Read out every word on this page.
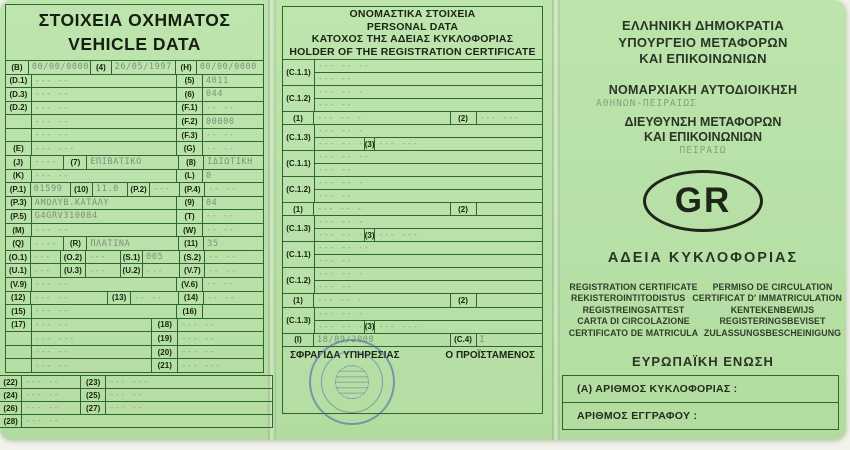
ΣΤΟΙΧΕΙΑ ΟΧΗΜΑΤΟΣ
VEHICLE DATA
(B)	00/00/0000 (4)	26/05/1997	(H) 00/00/0000
(D.1) --- --	(5)	4011
(D.3) --- --	(6)	044
(D.2) --- --	(F.1) -- --
--- --	(F.2) 00000
--- --	(F.3) -- --
(E)	--- ---	(G)	-- --
(J)	----	(7)	ΕΠΙΒΑΤΙΚΟ	(8)	ΙΔΙΩΤΙΚΗ
(K)	--- --	(L)	0
(P.1) 01599	(10) 11.0	(P.2) ---	(P.4) -- --
(P.3) ΑΜΟΛΥΒ.ΚΑΤΑΛΥ	(9)	04
(P.5) G4GRV310084	(T)	-- --
(M)	--- --	(W)	-- --
(Q)	----	(R)	ΠΛΑΤΙΝΑ	(11)	35
(O.1) ---	(O.2) ---	(S.1) 005	(S.2) -- --
(U.1) ---	(U.3) ---	(U.2) ---	(V.7) -- --
(V.9) --- --	(V.6) -- --
(12)	--- --	(13) -- --	(14)	-- --
(15)	--- --	(16)
(17)	--- --	(18)	--- --
--- ---	(19)	--- --
--- --	(20)	--- --
--- --	(21)	--- ---
(22) --- --	(23)	--- ---
(24) --- --	(25)	--- --
(26) --- --	(27)	--- --
(28) --- --
ΟΝΟΜΑΣΤΙΚΑ ΣΤΟΙΧΕΙΑ
PERSONAL DATA
ΚΑΤΟΧΟΣ ΤΗΣ ΑΔΕΙΑΣ ΚΥΚΛΟΦΟΡΙΑΣ
HOLDER OF THE REGISTRATION CERTIFICATE
(C.1.1)
--- -- --
--- --
(C.1.2)
--- -- -
--- --
(1)	--- -- -	(2)	--- ---
(C.1.3)
--- -- -
--- -- - (3) --- ---
(C.1.1)
--- -- --
--- --
(C.1.2)
--- -- -
--- --
(1)	--- -- -	(2)
(C.1.3)
--- -- -
--- -- - (3) --- ---
(C.1.1)
--- -- --
--- --
(C.1.2)
--- -- -
--- --
(1)	--- -- -	(2)
(C.1.3)
--- -- -
--- -- - (3) --- ---
(I)	18/09/2008	(C.4) I
ΣΦΡΑΓΙΔΑ ΥΠΗΡΕΣΙΑΣ	Ο ΠΡΟΪΣΤΑΜΕΝΟΣ
ΕΛΛΗΝΙΚΗ ΔΗΜΟΚΡΑΤΙΑ
ΥΠΟΥΡΓΕΙΟ ΜΕΤΑΦΟΡΩΝ
ΚΑΙ ΕΠΙΚΟΙΝΩΝΙΩΝ
ΝΟΜΑΡΧΙΑΚΗ ΑΥΤΟΔΙΟΙΚΗΣΗ
ΑΘΗΝΩΝ-ΠΕΙΡΑΙΩΣ
ΔΙΕΥΘΥΝΣΗ ΜΕΤΑΦΟΡΩΝ
ΚΑΙ ΕΠΙΚΟΙΝΩΝΙΩΝ
ΠΕΙΡΑΙΩ
GR
ΑΔΕΙΑ ΚΥΚΛΟΦΟΡΙΑΣ
REGISTRATION CERTIFICATE	PERMISO DE CIRCULATION
REKISTEROINTITODISTUS CERTIFICAT D' IMMATRICULATION
REGISTREINGSATTEST	KENTEKENBEWIJS
CARTA DI CIRCOLAZIONE	REGISTERINGSBEVISET
CERTIFICATO DE MATRICULA ZULASSUNGSBESCHEINIGUNG
ΕΥΡΩΠΑΪΚΗ ΕΝΩΣΗ
(Α) ΑΡΙΘΜΟΣ ΚΥΚΛΟΦΟΡΙΑΣ :
ΑΡΙΘΜΟΣ ΕΓΓΡΑΦΟΥ :
